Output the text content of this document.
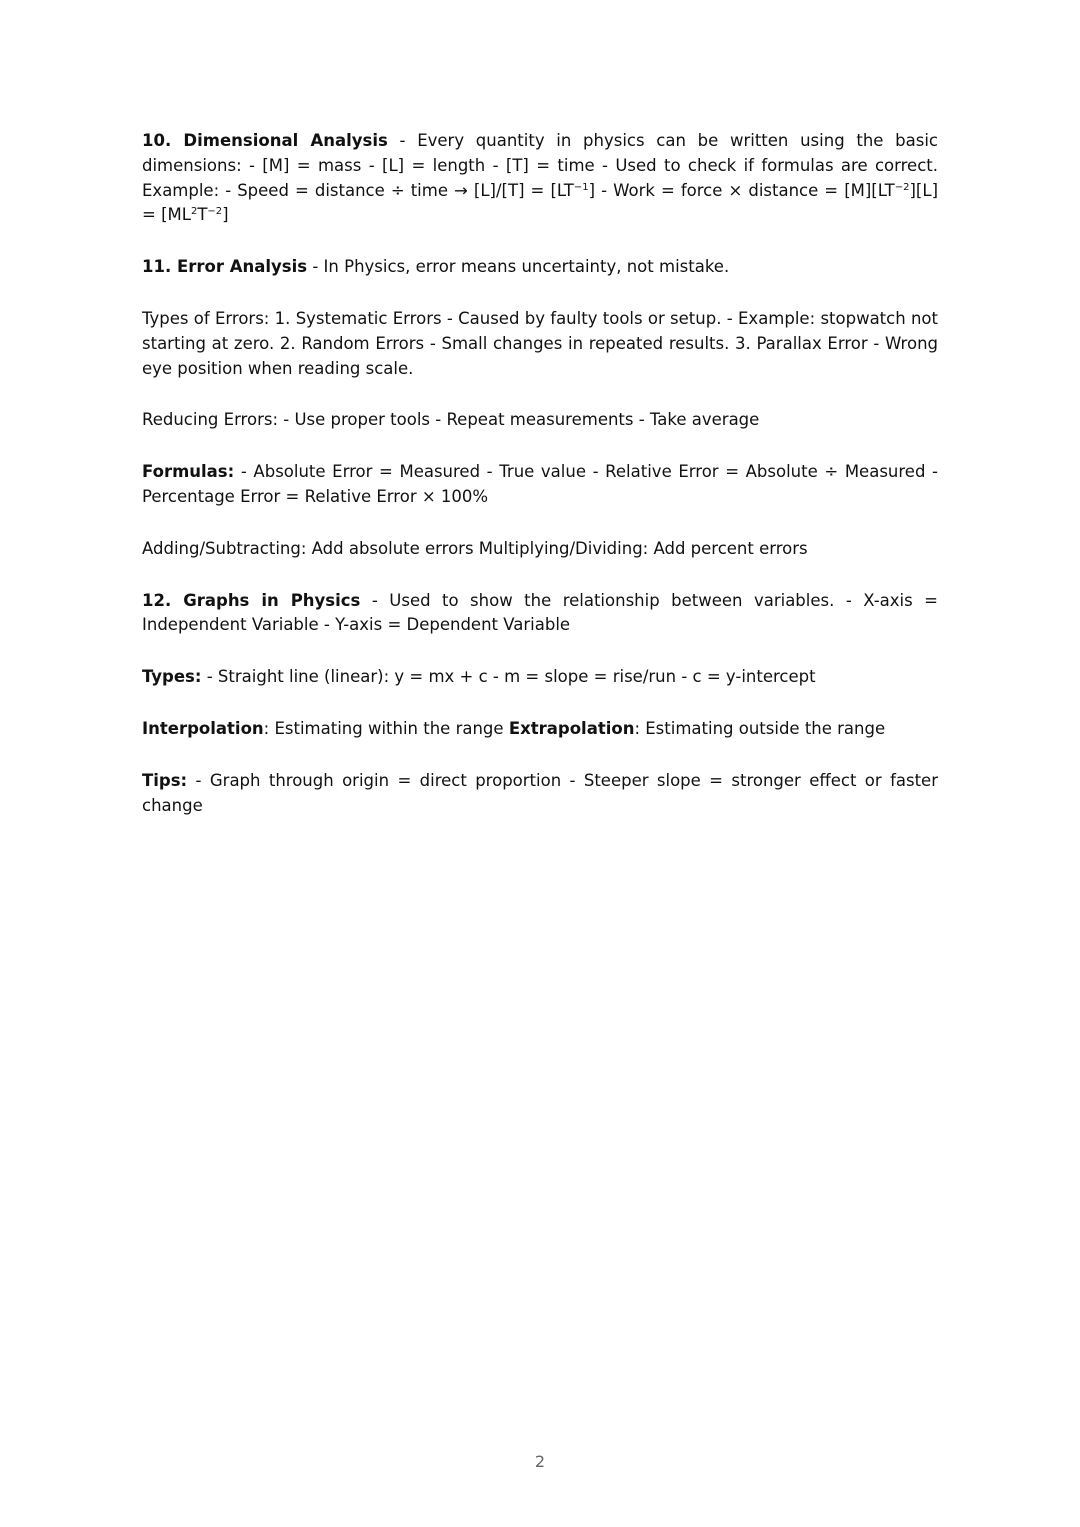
10. Dimensional Analysis - Every quantity in physics can be written using the basic dimensions: - [M] = mass - [L] = length - [T] = time - Used to check if formulas are correct. Example: - Speed = distance ÷ time → $[L]/[T] = [LT^{-1}]$ - Work = force × distance = $[M][LT^{-2}][L] = [ML^2T^{-2}]$

11. Error Analysis - In Physics, error means uncertainty, not mistake.

Types of Errors: 1. Systematic Errors - Caused by faulty tools or setup. - Example: stopwatch not starting at zero. 2. Random Errors - Small changes in repeated results. 3. Parallax Error - Wrong eye position when reading scale.

Reducing Errors: - Use proper tools - Repeat measurements - Take average

Formulas: - Absolute Error = Measured - True value - Relative Error = Absolute ÷ Measured - Percentage Error = Relative Error × 100%

Adding/Subtracting: Add absolute errors Multiplying/Dividing: Add percent errors

12. Graphs in Physics - Used to show the relationship between variables. - X-axis = Independent Variable - Y-axis = Dependent Variable

Types: - Straight line (linear): y = mx + c - m = slope = rise/run - c = y-intercept

Interpolation: Estimating within the range Extrapolation: Estimating outside the range

Tips: - Graph through origin = direct proportion - Steeper slope = stronger effect or faster change

2
